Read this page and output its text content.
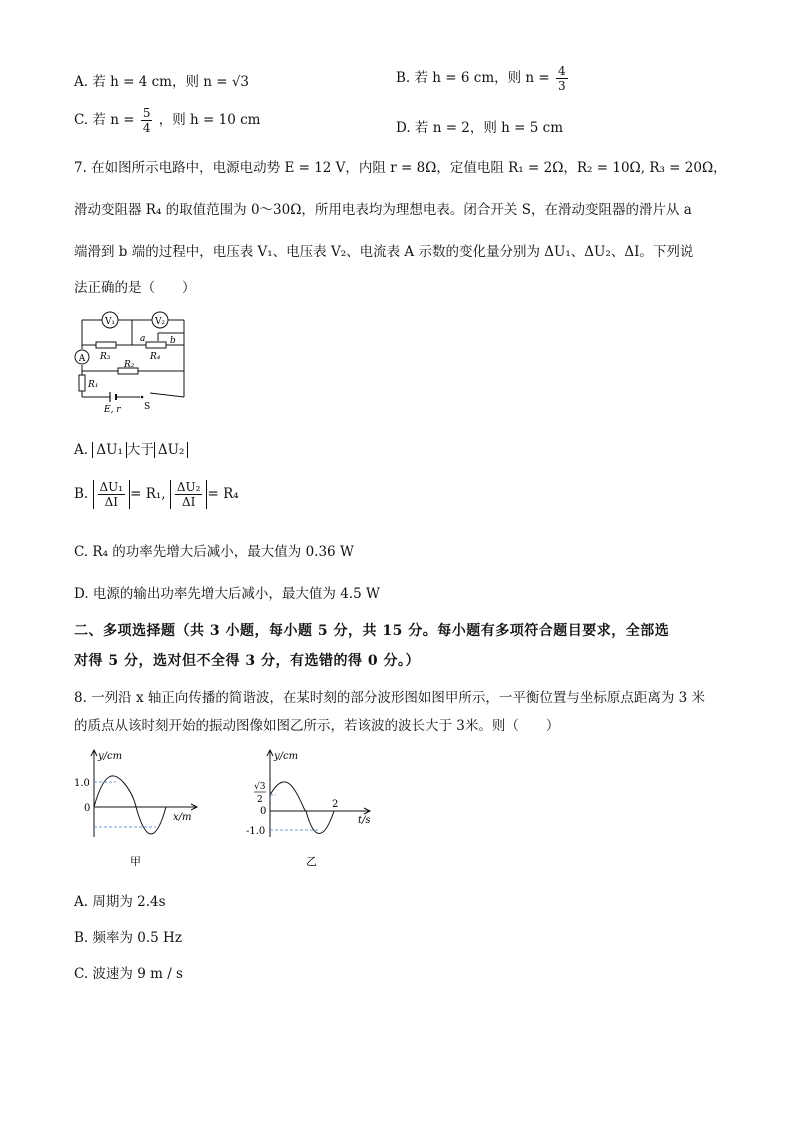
A. 若 h = 4 cm，则 n = √3	B. 若 h = 6 cm，则 $n = \frac{4}{3}$
C. 若 $n = \frac{5}{4}$ ，则 h = 10 cm	D. 若 n = 2，则 h = 5 cm
7. 在如图所示电路中，电源电动势 E = 12 V，内阻 r = 8Ω，定值电阻 R₁ = 2Ω，R₂ = 10Ω, R₃ = 20Ω，
滑动变阻器 R₄ 的取值范围为 0～30Ω，所用电表均为理想电表。闭合开关 S，在滑动变阻器的滑片从 a
端滑到 b 端的过程中，电压表 V₁、电压表 V₂、电流表 A 示数的变化量分别为 ΔU₁、ΔU₂、ΔI。下列说
法正确的是（　　）
V₁	V₂
A R₃	R₄
a	b
R₂
R₁
E, r	S
A. ΔU₁ 大于 ΔU₂
B. $\frac{\text{ΔU₁}}{\Delta I} = R_1$, $\frac{\text{ΔU₂}}{\Delta I} = R_4$
C. R₄ 的功率先增大后减小，最大值为 0.36 W
D. 电源的输出功率先增大后减小，最大值为 4.5 W
二、多项选择题（共 3 小题，每小题 5 分，共 15 分。每小题有多项符合题目要求，全部选
对得 5 分，选对但不全得 3 分，有选错的得 0 分。）
8. 一列沿 x 轴正向传播的简谐波，在某时刻的部分波形图如图甲所示，一平衡位置与坐标原点距离为 3 米
的质点从该时刻开始的振动图像如图乙所示，若该波的波长大于 3米。则（　　）
y/cm
x/m
1.0
0
甲
y/cm
t/s
√3
2
0
2
-1.0
乙
A. 周期为 2.4s
B. 频率为 0.5 Hz
C. 波速为 9 m / s
